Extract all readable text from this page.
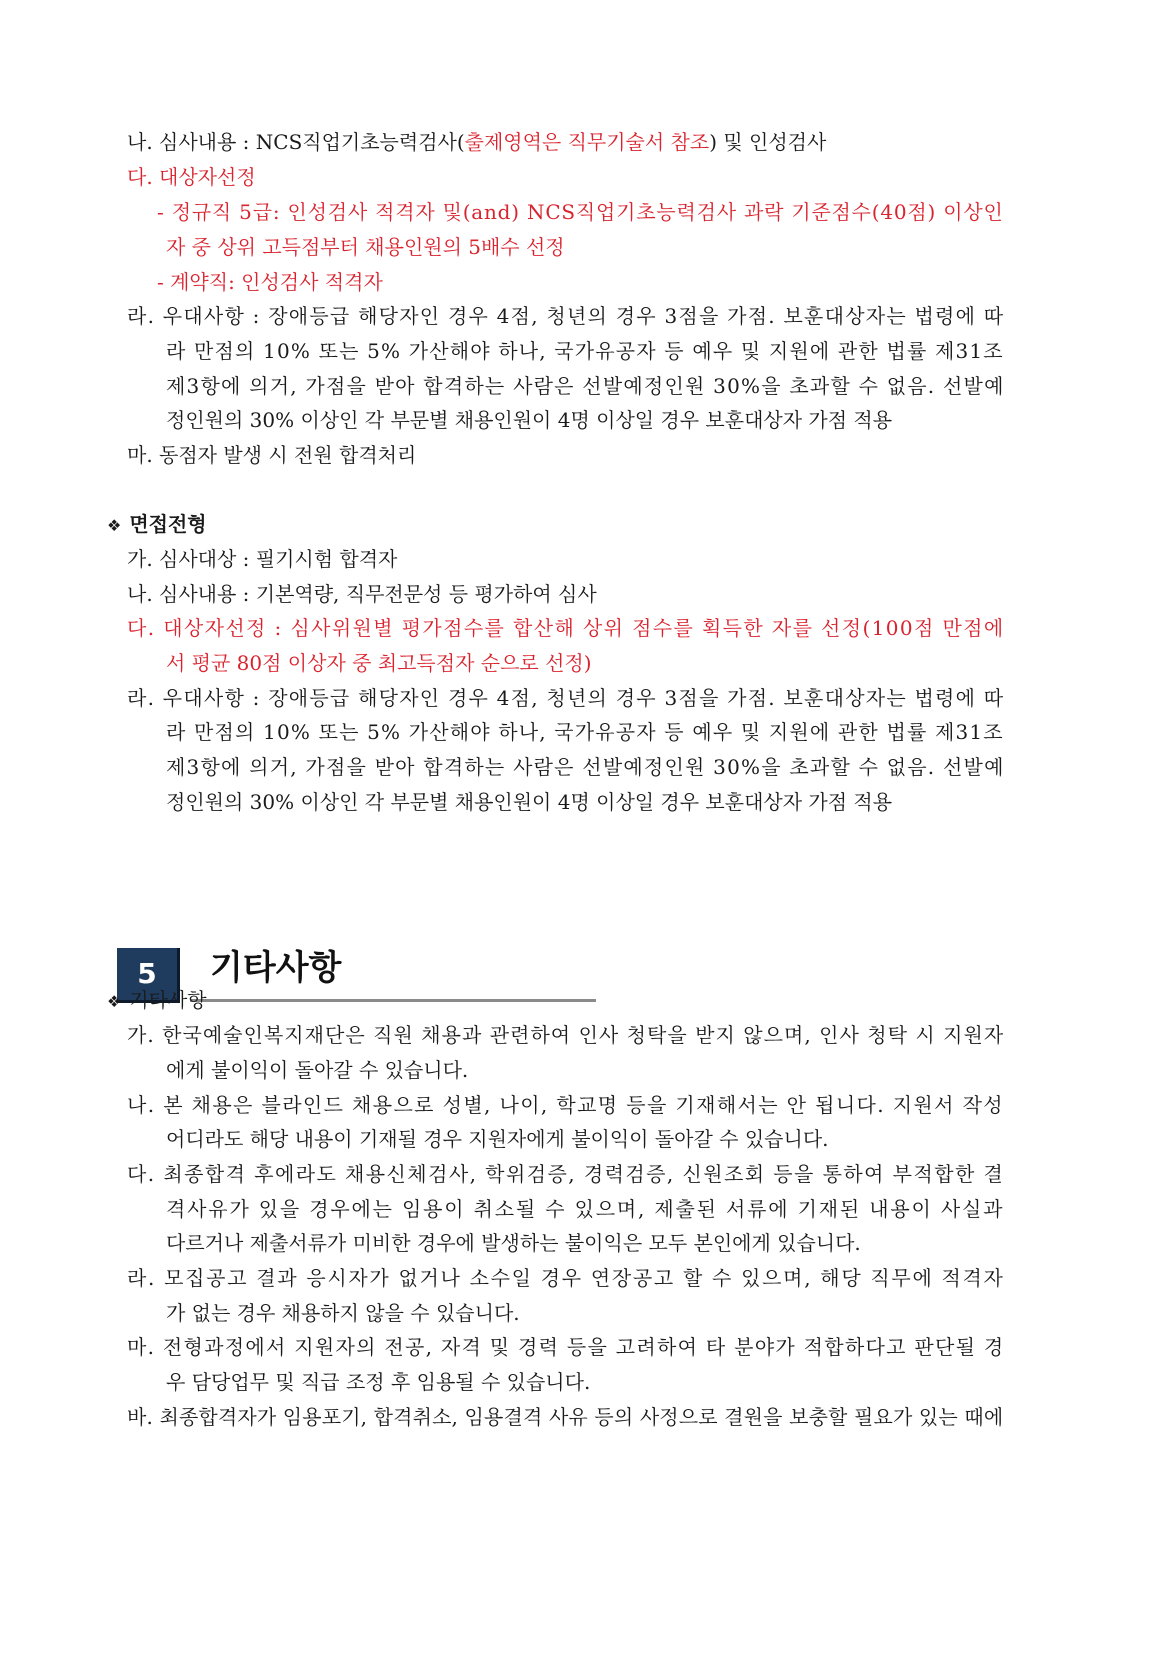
나. 심사내용 : NCS직업기초능력검사(출제영역은 직무기술서 참조) 및 인성검사
다. 대상자선정
- 정규직 5급: 인성검사 적격자 및(and) NCS직업기초능력검사 과락 기준점수(40점) 이상인
자 중 상위 고득점부터 채용인원의 5배수 선정
- 계약직: 인성검사 적격자
라. 우대사항 : 장애등급 해당자인 경우 4점, 청년의 경우 3점을 가점. 보훈대상자는 법령에 따
라 만점의 10% 또는 5% 가산해야 하나, 국가유공자 등 예우 및 지원에 관한 법률 제31조
제3항에 의거, 가점을 받아 합격하는 사람은 선발예정인원 30%을 초과할 수 없음. 선발예
정인원의 30% 이상인 각 부문별 채용인원이 4명 이상일 경우 보훈대상자 가점 적용
마. 동점자 발생 시 전원 합격처리
❖ 면접전형
가. 심사대상 : 필기시험 합격자
나. 심사내용 : 기본역량, 직무전문성 등 평가하여 심사
다. 대상자선정 : 심사위원별 평가점수를 합산해 상위 점수를 획득한 자를 선정(100점 만점에
서 평균 80점 이상자 중 최고득점자 순으로 선정)
라. 우대사항 : 장애등급 해당자인 경우 4점, 청년의 경우 3점을 가점. 보훈대상자는 법령에 따
라 만점의 10% 또는 5% 가산해야 하나, 국가유공자 등 예우 및 지원에 관한 법률 제31조
제3항에 의거, 가점을 받아 합격하는 사람은 선발예정인원 30%을 초과할 수 없음. 선발예
정인원의 30% 이상인 각 부문별 채용인원이 4명 이상일 경우 보훈대상자 가점 적용
5	기타사항
❖ 기타사항
가. 한국예술인복지재단은 직원 채용과 관련하여 인사 청탁을 받지 않으며, 인사 청탁 시 지원자
에게 불이익이 돌아갈 수 있습니다.
나. 본 채용은 블라인드 채용으로 성별, 나이, 학교명 등을 기재해서는 안 됩니다. 지원서 작성
어디라도 해당 내용이 기재될 경우 지원자에게 불이익이 돌아갈 수 있습니다.
다. 최종합격 후에라도 채용신체검사, 학위검증, 경력검증, 신원조회 등을 통하여 부적합한 결
격사유가 있을 경우에는 임용이 취소될 수 있으며, 제출된 서류에 기재된 내용이 사실과
다르거나 제출서류가 미비한 경우에 발생하는 불이익은 모두 본인에게 있습니다.
라. 모집공고 결과 응시자가 없거나 소수일 경우 연장공고 할 수 있으며, 해당 직무에 적격자
가 없는 경우 채용하지 않을 수 있습니다.
마. 전형과정에서 지원자의 전공, 자격 및 경력 등을 고려하여 타 분야가 적합하다고 판단될 경
우 담당업무 및 직급 조정 후 임용될 수 있습니다.
바. 최종합격자가 임용포기, 합격취소, 임용결격 사유 등의 사정으로 결원을 보충할 필요가 있는 때에
